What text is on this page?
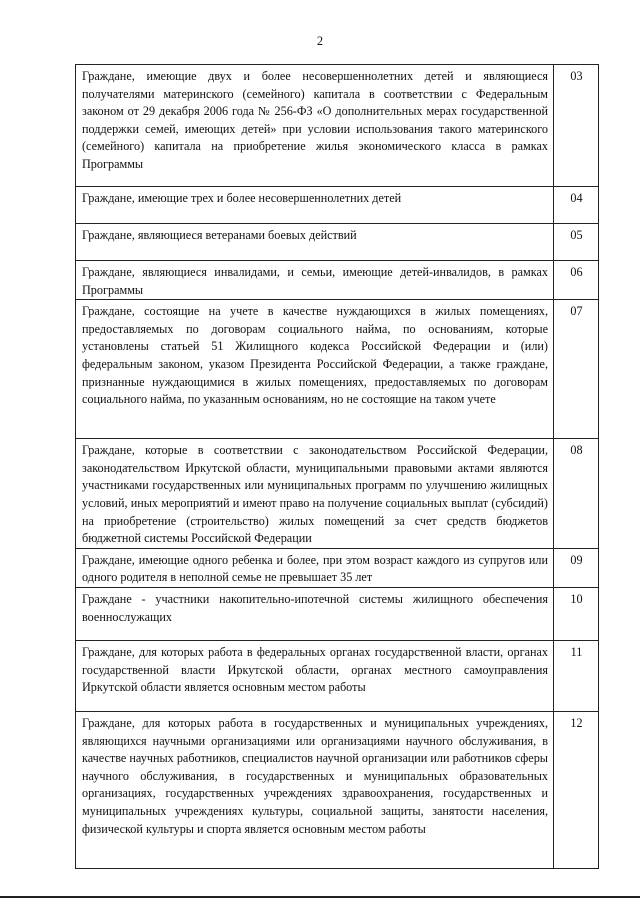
2
Граждане, имеющие двух и более несовершеннолетних детей и являющиеся получателями материнского (семейного) капитала в соответствии с Федеральным законом от 29 декабря 2006 года № 256-ФЗ «О дополнительных мерах государственной поддержки семей, имеющих детей» при условии использования такого материнского (семейного) капитала на приобретение жилья экономического класса в рамках Программы	03
Граждане, имеющие трех и более несовершеннолетних детей	04
Граждане, являющиеся ветеранами боевых действий	05
Граждане, являющиеся инвалидами, и семьи, имеющие детей-инвалидов, в рамках Программы	06
Граждане, состоящие на учете в качестве нуждающихся в жилых помещениях, предоставляемых по договорам социального найма, по основаниям, которые установлены статьей 51 Жилищного кодекса Российской Федерации и (или) федеральным законом, указом Президента Российской Федерации, а также граждане, признанные нуждающимися в жилых помещениях, предоставляемых по договорам социального найма, по указанным основаниям, но не состоящие на таком учете	07
Граждане, которые в соответствии с законодательством Российской Федерации, законодательством Иркутской области, муниципальными правовыми актами являются участниками государственных или муниципальных программ по улучшению жилищных условий, иных мероприятий и имеют право на получение социальных выплат (субсидий) на приобретение (строительство) жилых помещений за счет средств бюджетов бюджетной системы Российской Федерации	08
Граждане, имеющие одного ребенка и более, при этом возраст каждого из супругов или одного родителя в неполной семье не превышает 35 лет	09
Граждане - участники накопительно-ипотечной системы жилищного обеспечения военнослужащих	10
Граждане, для которых работа в федеральных органах государственной власти, органах государственной власти Иркутской области, органах местного самоуправления Иркутской области является основным местом работы	11
Граждане, для которых работа в государственных и муниципальных учреждениях, являющихся научными организациями или организациями научного обслуживания, в качестве научных работников, специалистов научной организации или работников сферы научного обслуживания, в государственных и муниципальных образовательных организациях, государственных учреждениях здравоохранения, государственных и муниципальных учреждениях культуры, социальной защиты, занятости населения, физической культуры и спорта является основным местом работы	12
